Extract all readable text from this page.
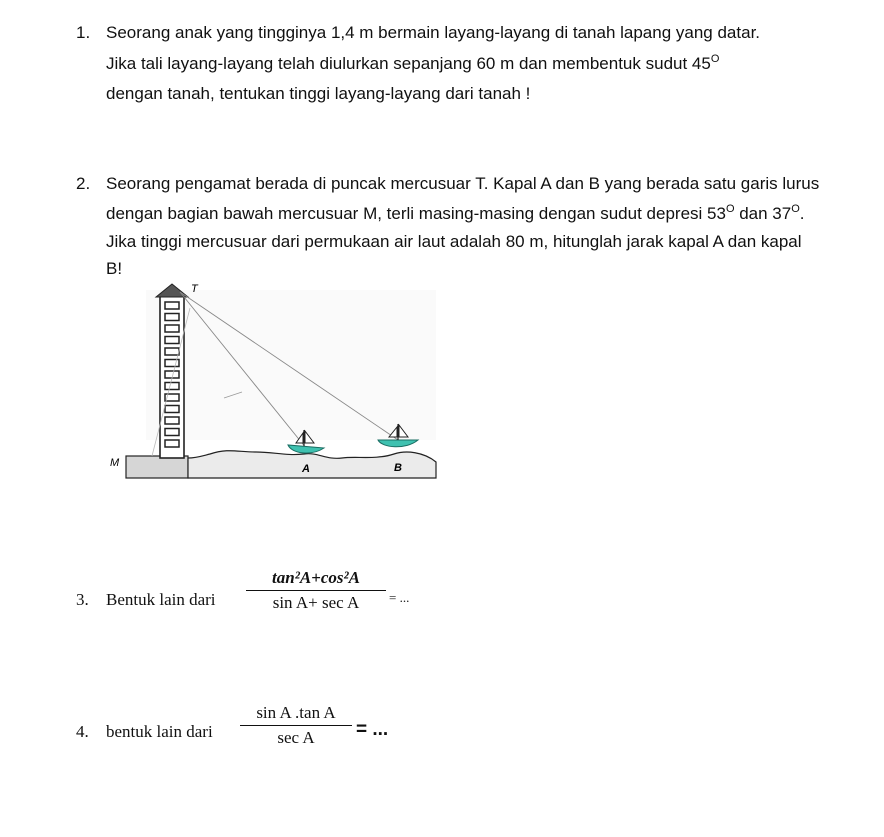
1. Seorang anak yang tingginya 1,4 m bermain layang-layang di tanah lapang yang datar.
Jika tali layang-layang telah diulurkan sepanjang 60 m dan membentuk sudut $45^O$
dengan tanah, tentukan tinggi layang-layang dari tanah !
2. Seorang pengamat berada di puncak mercusuar T. Kapal A dan B yang berada satu garis lurus
dengan bagian bawah mercusuar M, terli masing-masing dengan sudut depresi $53^O$ dan $37^O$.
Jika tinggi mercusuar dari permukaan air laut adalah 80 m, hitunglah jarak kapal A dan kapal
B!
T
M	A	B
3. Bentuk lain dari
tan²A+cos²A
sin A+ sec A	= ...
4. bentuk lain dari
sin A .tan A
sec A	= ...
